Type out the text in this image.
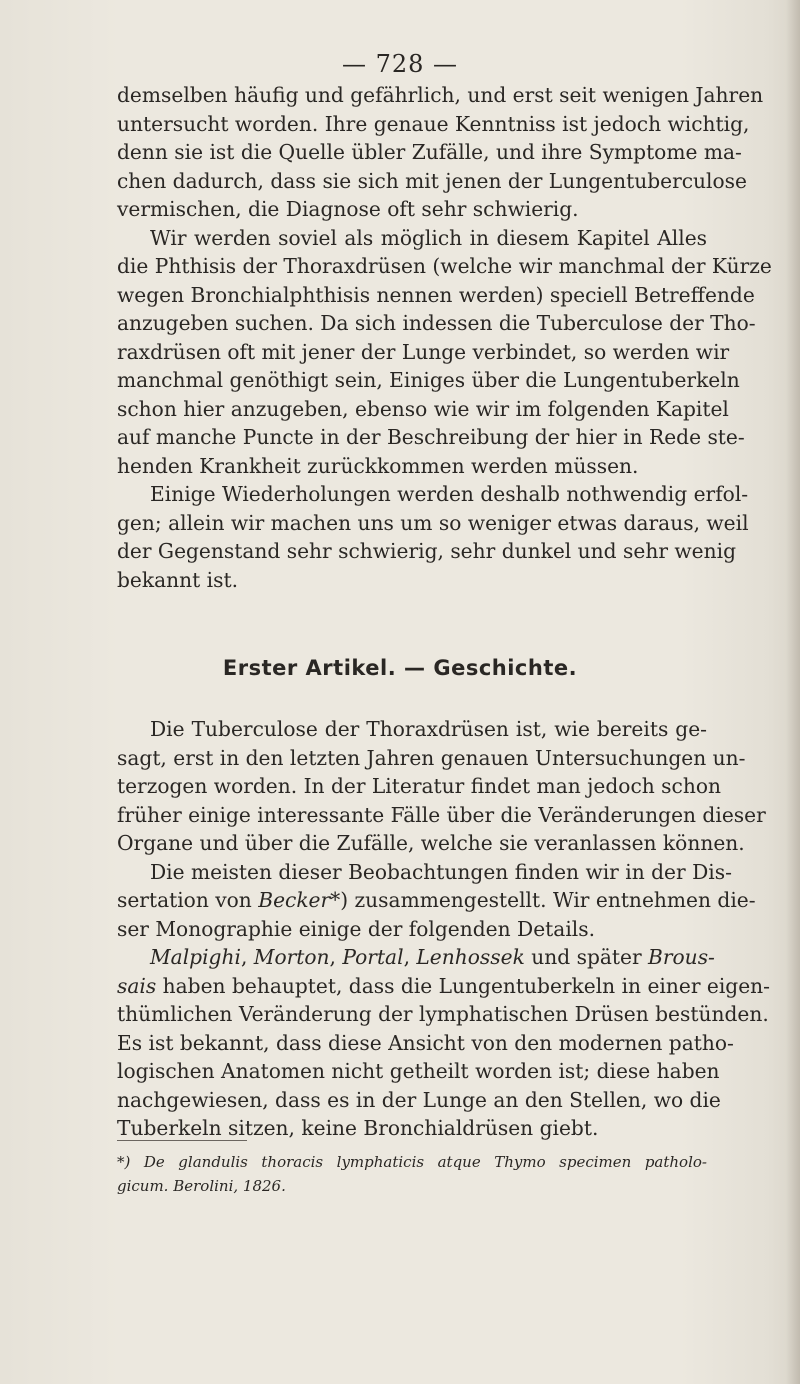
— 728 —
demselben häufig und gefährlich, und erst seit wenigen Jahren
untersucht worden. Ihre genaue Kenntniss ist jedoch wichtig,
denn sie ist die Quelle übler Zufälle, und ihre Symptome ma-
chen dadurch, dass sie sich mit jenen der Lungentuberculose
vermischen, die Diagnose oft sehr schwierig.
Wir werden soviel als möglich in diesem Kapitel Alles
die Phthisis der Thoraxdrüsen (welche wir manchmal der Kürze
wegen Bronchialphthisis nennen werden) speciell Betreffende
anzugeben suchen. Da sich indessen die Tuberculose der Tho-
raxdrüsen oft mit jener der Lunge verbindet, so werden wir
manchmal genöthigt sein, Einiges über die Lungentuberkeln
schon hier anzugeben, ebenso wie wir im folgenden Kapitel
auf manche Puncte in der Beschreibung der hier in Rede ste-
henden Krankheit zurückkommen werden müssen.
Einige Wiederholungen werden deshalb nothwendig erfol-
gen; allein wir machen uns um so weniger etwas daraus, weil
der Gegenstand sehr schwierig, sehr dunkel und sehr wenig
bekannt ist.
Erster Artikel. — Geschichte.
Die Tuberculose der Thoraxdrüsen ist, wie bereits ge-
sagt, erst in den letzten Jahren genauen Untersuchungen un-
terzogen worden. In der Literatur findet man jedoch schon
früher einige interessante Fälle über die Veränderungen dieser
Organe und über die Zufälle, welche sie veranlassen können.
Die meisten dieser Beobachtungen finden wir in der Dis-
sertation von Becker*) zusammengestellt. Wir entnehmen die-
ser Monographie einige der folgenden Details.
Malpighi, Morton, Portal, Lenhossek und später Brous-
sais haben behauptet, dass die Lungentuberkeln in einer eigen-
thümlichen Veränderung der lymphatischen Drüsen bestünden.
Es ist bekannt, dass diese Ansicht von den modernen patho-
logischen Anatomen nicht getheilt worden ist; diese haben
nachgewiesen, dass es in der Lunge an den Stellen, wo die
Tuberkeln sitzen, keine Bronchialdrüsen giebt.
*) De glandulis thoracis lymphaticis atque Thymo specimen patholo-
gicum. Berolini, 1826.
